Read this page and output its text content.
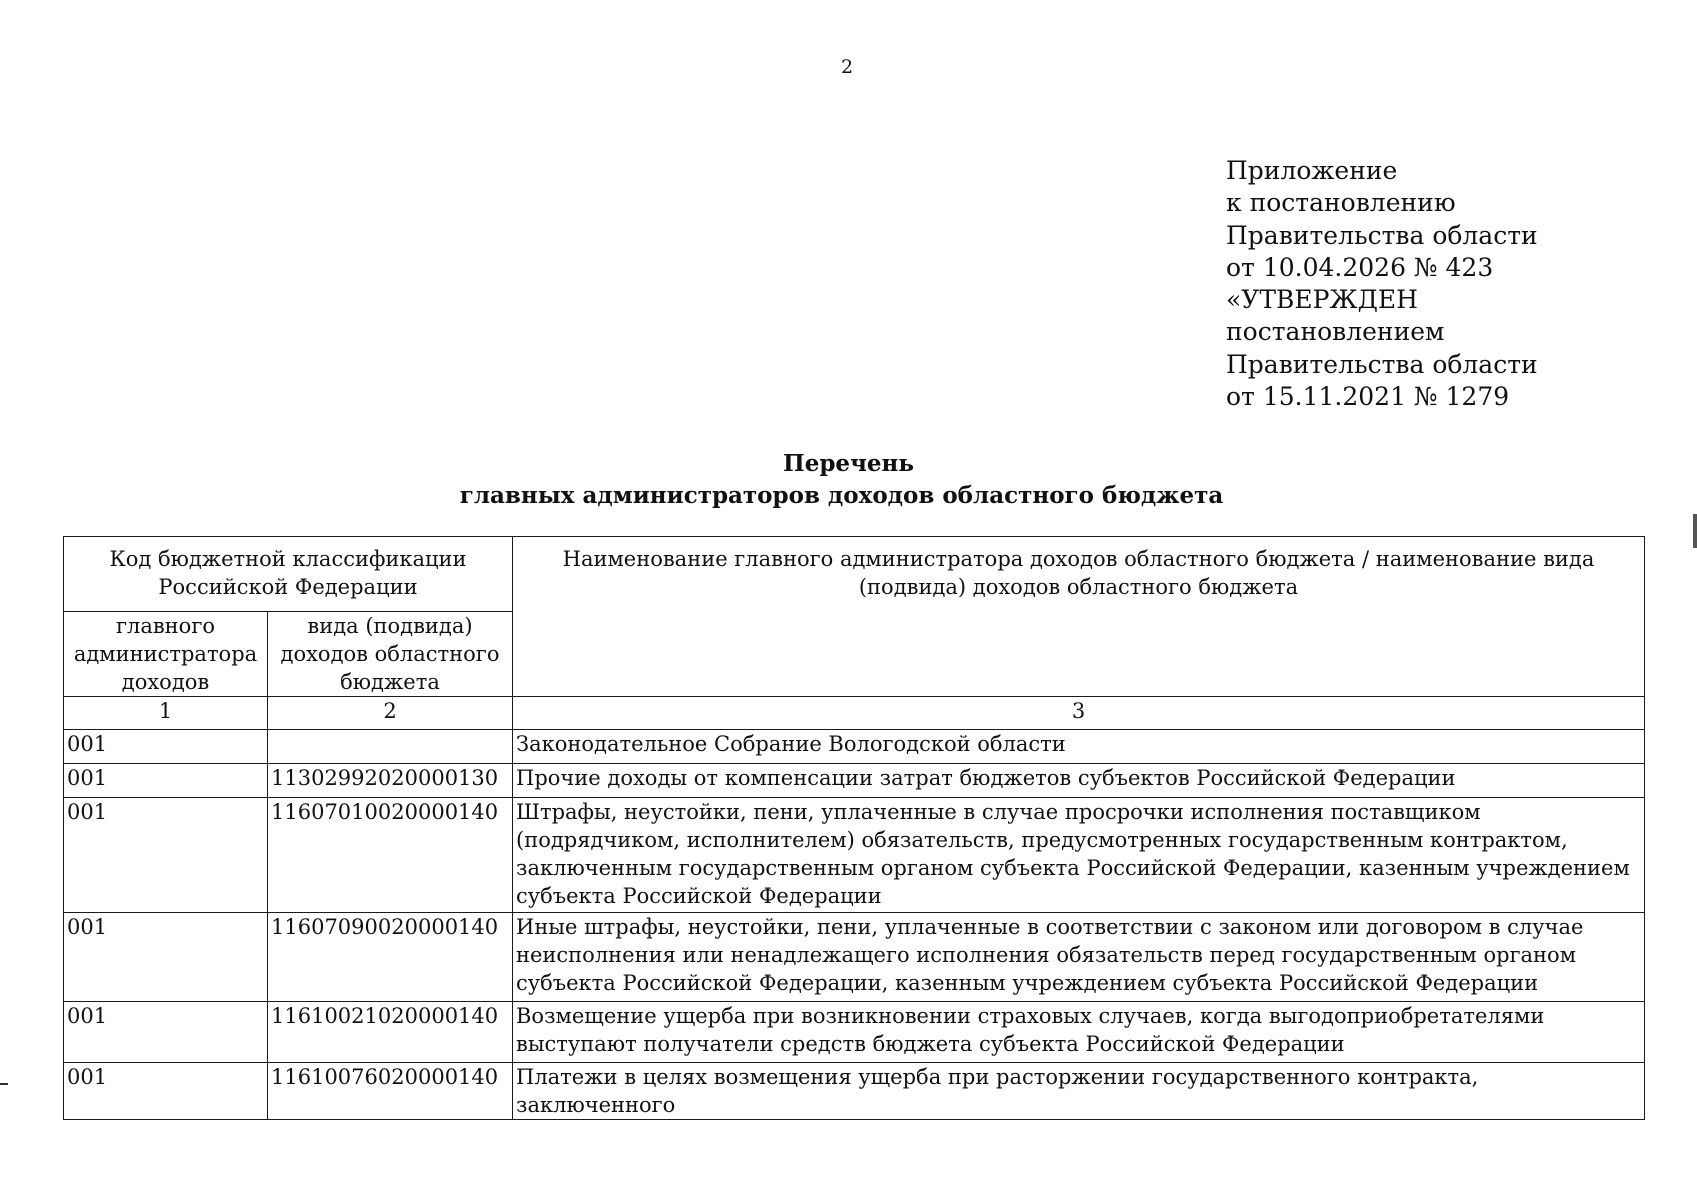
2
Приложение
к постановлению
Правительства области
от 10.04.2026 № 423
«УТВЕРЖДЕН
постановлением
Правительства области
от 15.11.2021 № 1279
Перечень
главных администраторов доходов областного бюджета
Код бюджетной классификации Российской Федерации		Наименование главного администратора доходов областного бюджета / наименование вида (подвида) доходов областного бюджета
главного администратора доходов	вида (подвида) доходов областного бюджета	
1	2	3
001		Законодательное Собрание Вологодской области
001	11302992020000130	Прочие доходы от компенсации затрат бюджетов субъектов Российской Федерации
001	11607010020000140	Штрафы, неустойки, пени, уплаченные в случае просрочки исполнения поставщиком (подрядчиком, исполнителем) обязательств, предусмотренных государственным контрактом, заключенным государственным органом субъекта Российской Федерации, казенным учреждением субъекта Российской Федерации
001	11607090020000140	Иные штрафы, неустойки, пени, уплаченные в соответствии с законом или договором в случае неисполнения или ненадлежащего исполнения обязательств перед государственным органом субъекта Российской Федерации, казенным учреждением субъекта Российской Федерации
001	11610021020000140	Возмещение ущерба при возникновении страховых случаев, когда выгодоприобретателями выступают получатели средств бюджета субъекта Российской Федерации
001	11610076020000140	Платежи в целях возмещения ущерба при расторжении государственного контракта, заключенного
